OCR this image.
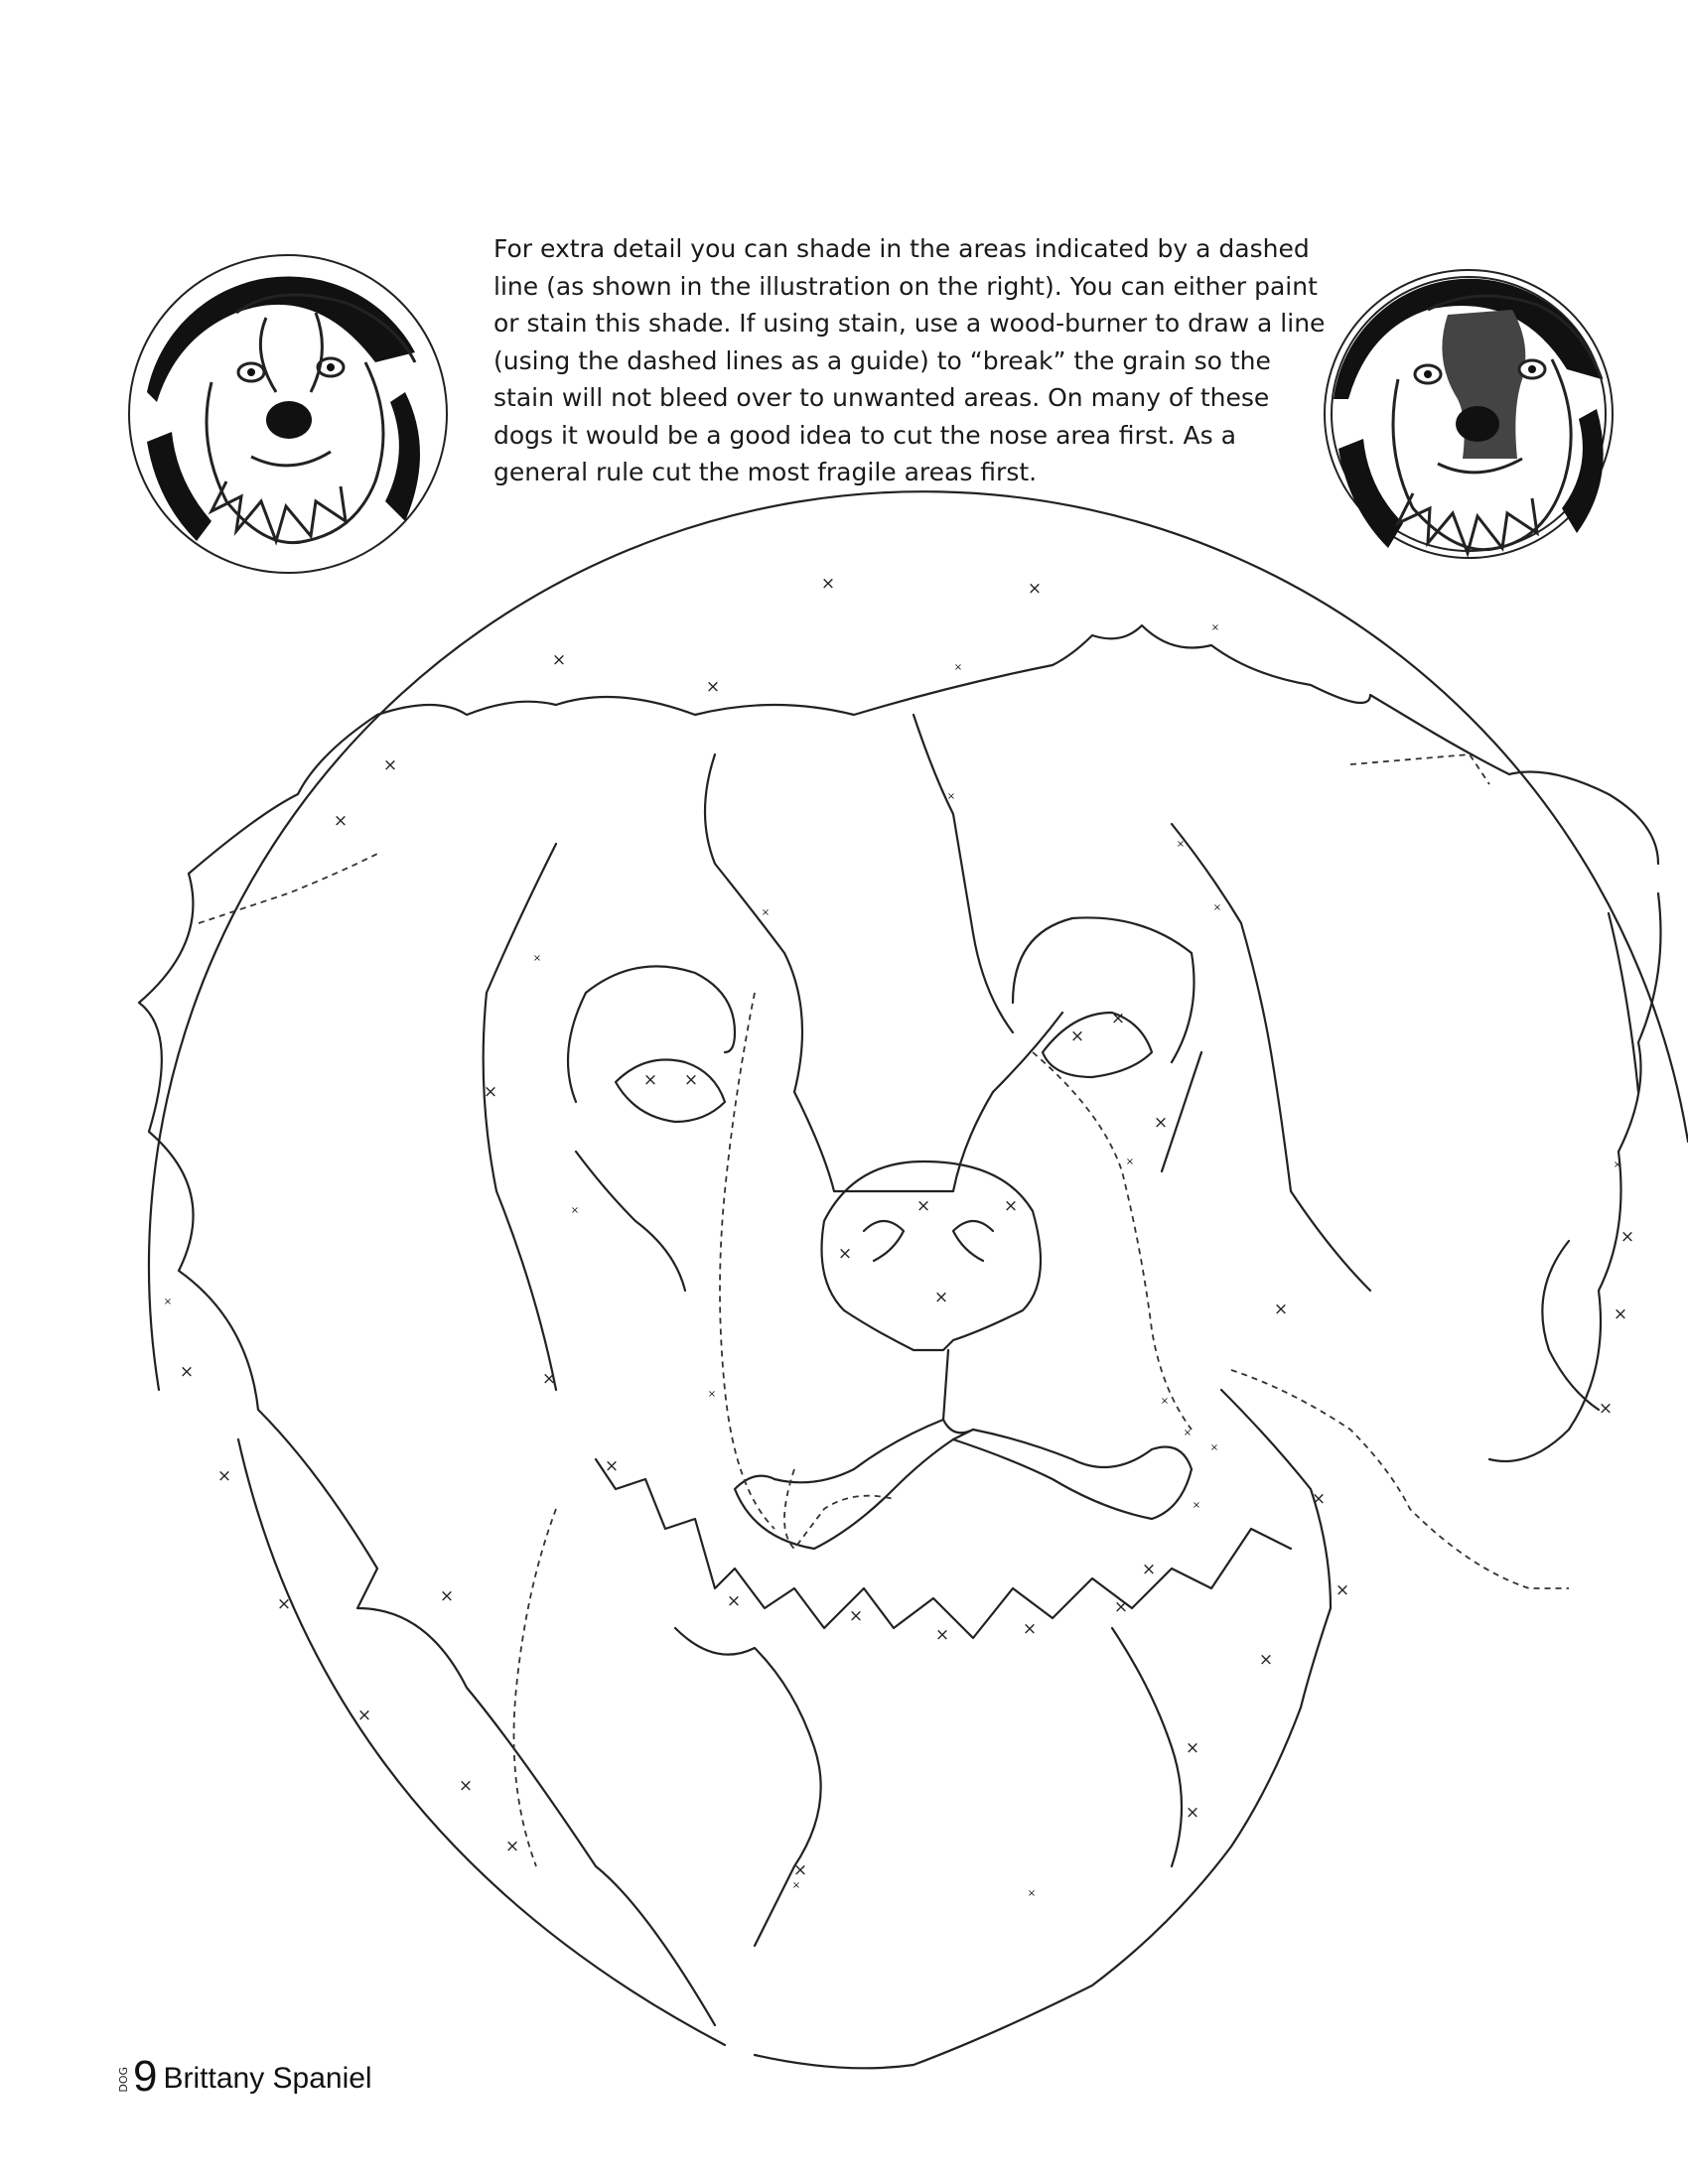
For extra detail you can shade in the areas indicated by a dashed
line (as shown in the illustration on the right). You can either paint
or stain this shade. If using stain, use a wood-burner to draw a line
(using the dashed lines as a guide) to “break” the grain so the
stain will not bleed over to unwanted areas. On many of these
dogs it would be a good idea to cut the nose area first. As a
general rule cut the most fragile areas first.

×	×
×
×
×
×
×
× ×
×
×
×
×	×
×
×
×
×
×
×
×	×
×	×
×
×
×	×
×
×	×
×
×
×
×
×
×
×
×
×
×
×
×
×
×
×
×
×
×
×
×	×
×
×
×
×
×
×
×
DOG 9 Brittany Spaniel
